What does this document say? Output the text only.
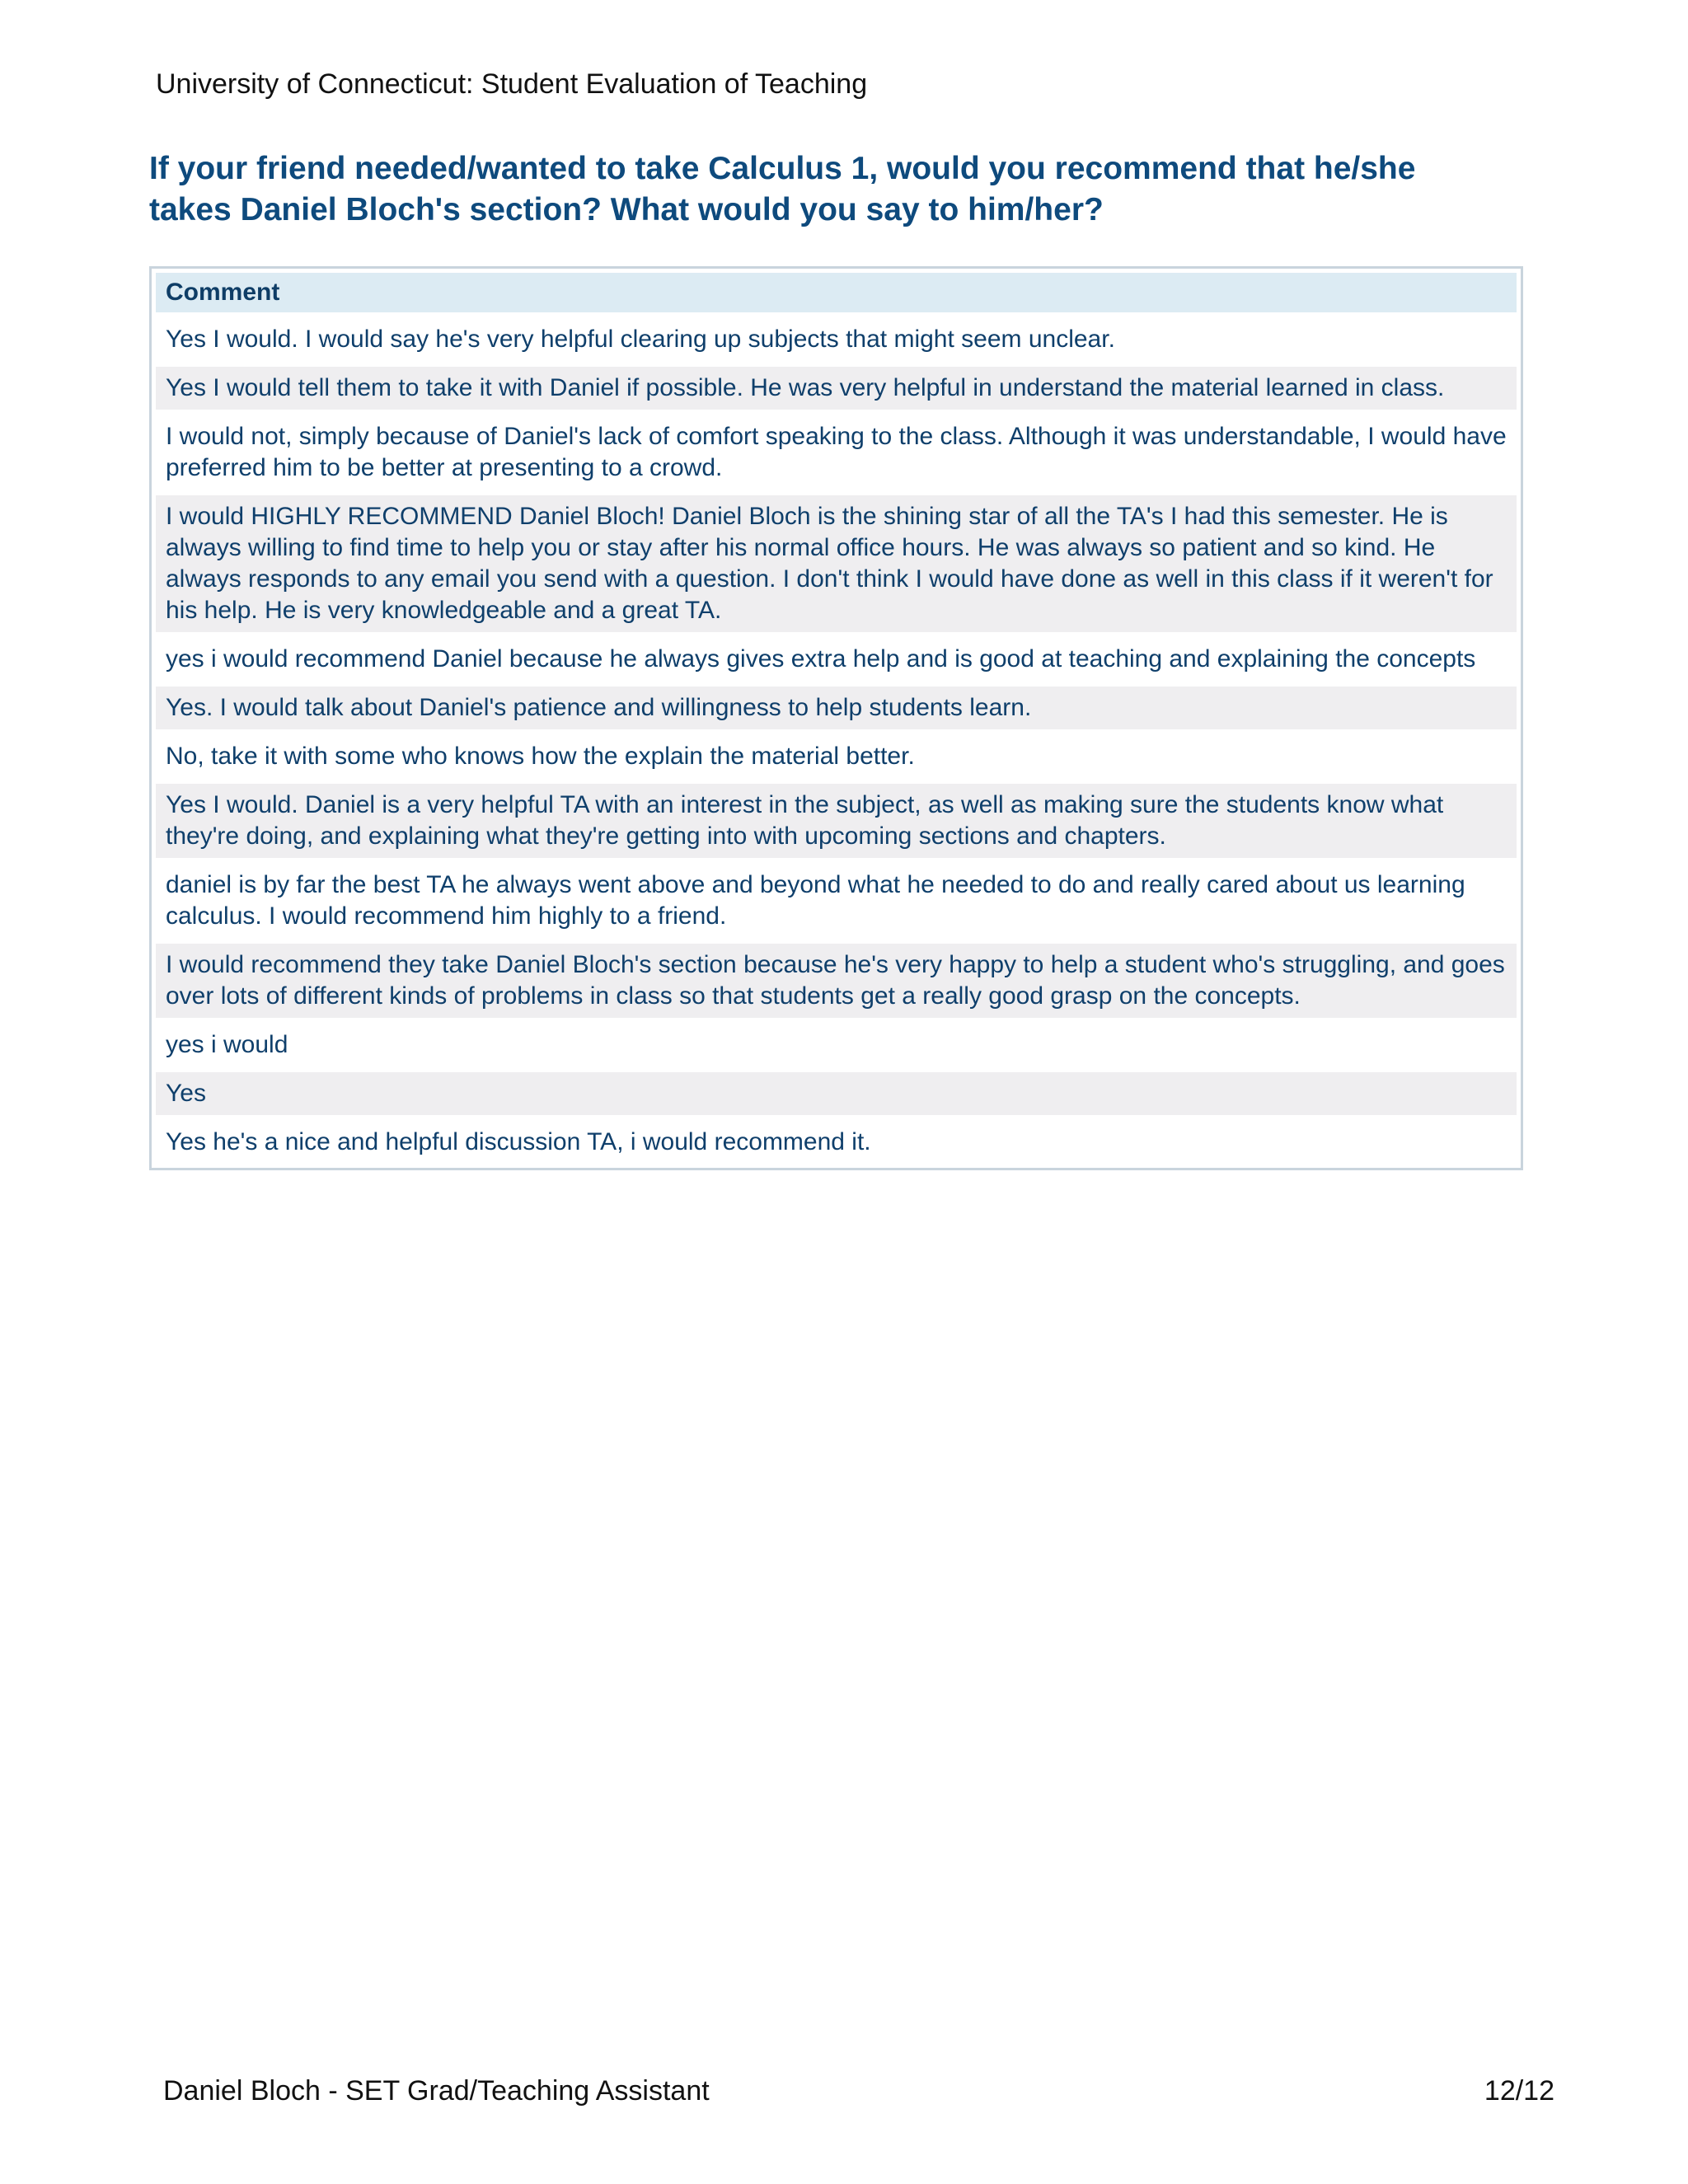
University of Connecticut: Student Evaluation of Teaching
If your friend needed/wanted to take Calculus 1, would you recommend that he/she takes Daniel Bloch's section? What would you say to him/her?
Comment
Yes I would. I would say he's very helpful clearing up subjects that might seem unclear.
Yes I would tell them to take it with Daniel if possible. He was very helpful in understand the material learned in class.
I would not, simply because of Daniel's lack of comfort speaking to the class. Although it was understandable, I would have preferred him to be better at presenting to a crowd.
I would HIGHLY RECOMMEND Daniel Bloch! Daniel Bloch is the shining star of all the TA's I had this semester. He is always willing to find time to help you or stay after his normal office hours. He was always so patient and so kind. He always responds to any email you send with a question. I don't think I would have done as well in this class if it weren't for his help. He is very knowledgeable and a great TA.
yes i would recommend Daniel because he always gives extra help and is good at teaching and explaining the concepts
Yes. I would talk about Daniel's patience and willingness to help students learn.
No, take it with some who knows how the explain the material better.
Yes I would. Daniel is a very helpful TA with an interest in the subject, as well as making sure the students know what they're doing, and explaining what they're getting into with upcoming sections and chapters.
daniel is by far the best TA he always went above and beyond what he needed to do and really cared about us learning calculus. I would recommend him highly to a friend.
I would recommend they take Daniel Bloch's section because he's very happy to help a student who's struggling, and goes over lots of different kinds of problems in class so that students get a really good grasp on the concepts.
yes i would
Yes
Yes he's a nice and helpful discussion TA, i would recommend it.
Daniel Bloch - SET Grad/Teaching Assistant	12/12
